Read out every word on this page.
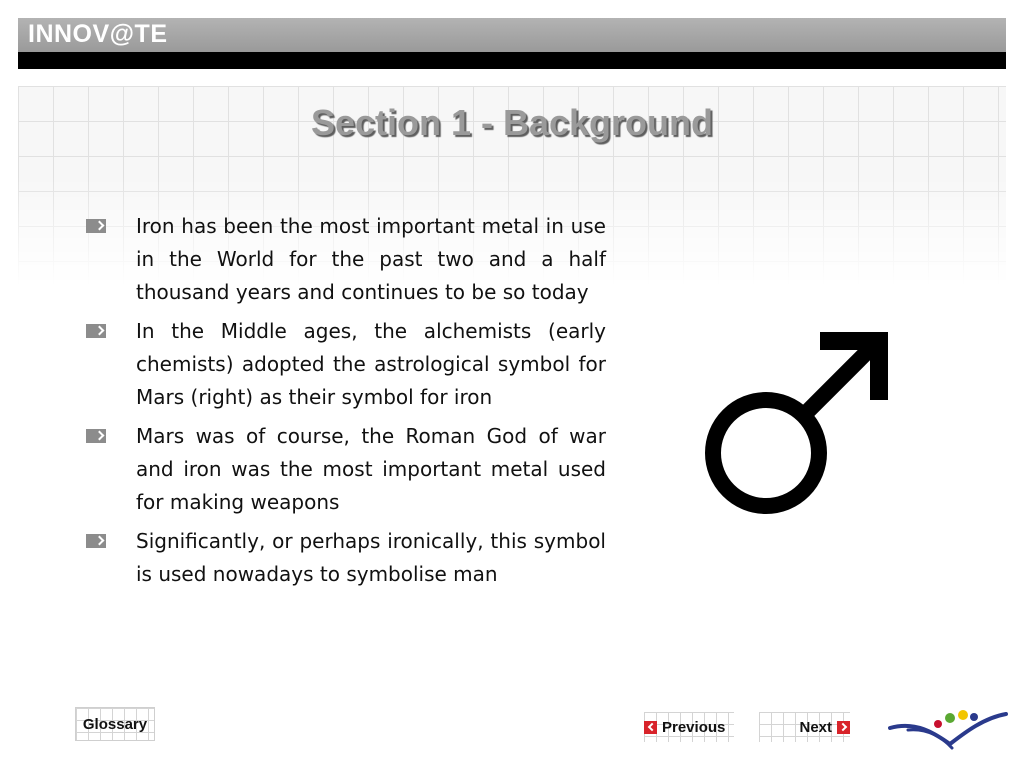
INNOV@TE
Section 1 - Background
Iron has been the most important metal in use in the World for the past two and a half thousand years and continues to be so today
In the Middle ages, the alchemists (early chemists) adopted the astrological symbol for Mars (right) as their symbol for iron
Mars was of course, the Roman God of war and iron was the most important metal used for making weapons
Significantly, or perhaps ironically, this symbol is used nowadays to symbolise man
Glossary	Previous	Next
